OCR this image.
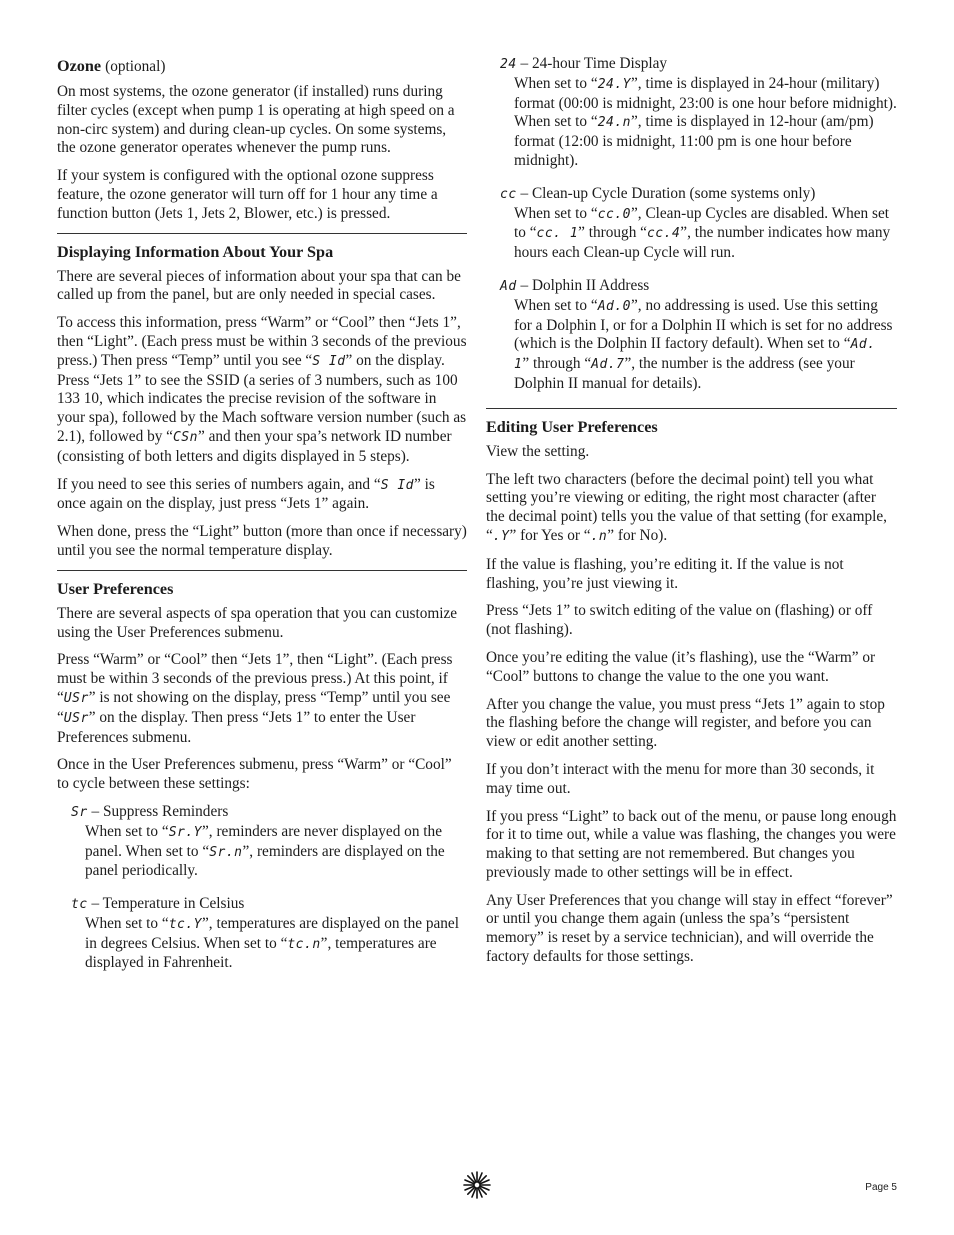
Ozone (optional)

On most systems, the ozone generator (if installed) runs during filter cycles (except when pump 1 is operating at high speed on a non-circ system) and during clean-up cycles. On some systems, the ozone generator operates whenever the pump runs.

If your system is configured with the optional ozone suppress feature, the ozone generator will turn off for 1 hour any time a function button (Jets 1, Jets 2, Blower, etc.) is pressed.

Displaying Information About Your Spa

There are several pieces of information about your spa that can be called up from the panel, but are only needed in special cases.

To access this information, press “Warm” or “Cool” then “Jets 1”, then “Light”. (Each press must be within 3 seconds of the previous press.) Then press “Temp” until you see “S Id” on the display. Press “Jets 1” to see the SSID (a series of 3 numbers, such as 100 133 10, which indicates the precise revision of the software in your spa), followed by the Mach software version number (such as 2.1), followed by “CSn” and then your spa’s network ID number (consisting of both letters and digits displayed in 5 steps).

If you need to see this series of numbers again, and “S Id” is once again on the display, just press “Jets 1” again.

When done, press the “Light” button (more than once if necessary) until you see the normal temperature display.

User Preferences

There are several aspects of spa operation that you can customize using the User Preferences submenu.

Press “Warm” or “Cool” then “Jets 1”, then “Light”. (Each press must be within 3 seconds of the previous press.) At this point, if “USr” is not showing on the display, press “Temp” until you see “USr” on the display. Then press “Jets 1” to enter the User Preferences submenu.

Once in the User Preferences submenu, press “Warm” or “Cool” to cycle between these settings:

Sr – Suppress Reminders
When set to “Sr.Y”, reminders are never displayed on the panel. When set to “Sr.n”, reminders are displayed on the panel periodically.
tc – Temperature in Celsius
When set to “tc.Y”, temperatures are displayed on the panel in degrees Celsius. When set to “tc.n”, temperatures are displayed in Fahrenheit.
24 – 24-hour Time Display
When set to “24.Y”, time is displayed in 24-hour (military) format (00:00 is midnight, 23:00 is one hour before midnight). When set to “24.n”, time is displayed in 12-hour (am/pm) format (12:00 is midnight, 11:00 pm is one hour before midnight).
cc – Clean-up Cycle Duration (some systems only)
When set to “cc.0”, Clean-up Cycles are disabled. When set to “cc. 1” through “cc.4”, the number indicates how many hours each Clean-up Cycle will run.
Ad – Dolphin II Address
When set to “Ad.0”, no addressing is used. Use this setting for a Dolphin I, or for a Dolphin II which is set for no address (which is the Dolphin II factory default). When set to “Ad. 1” through “Ad.7”, the number is the address (see your Dolphin II manual for details).
Editing User Preferences

View the setting.

The left two characters (before the decimal point) tell you what setting you’re viewing or editing, the right most character (after the decimal point) tells you the value of that setting (for example, “.Y” for Yes or “.n” for No).

If the value is flashing, you’re editing it. If the value is not flashing, you’re just viewing it.

Press “Jets 1” to switch editing of the value on (flashing) or off (not flashing).

Once you’re editing the value (it’s flashing), use the “Warm” or “Cool” buttons to change the value to the one you want.

After you change the value, you must press “Jets 1” again to stop the flashing before the change will register, and before you can view or edit another setting.

If you don’t interact with the menu for more than 30 seconds, it may time out.

If you press “Light” to back out of the menu, or pause long enough for it to time out, while a value was flashing, the changes you were making to that setting are not remembered. But changes you previously made to other settings will be in effect.

Any User Preferences that you change will stay in effect “forever” or until you change them again (unless the spa’s “persistent memory” is reset by a service technician), and will override the factory defaults for those settings.

Page 5
